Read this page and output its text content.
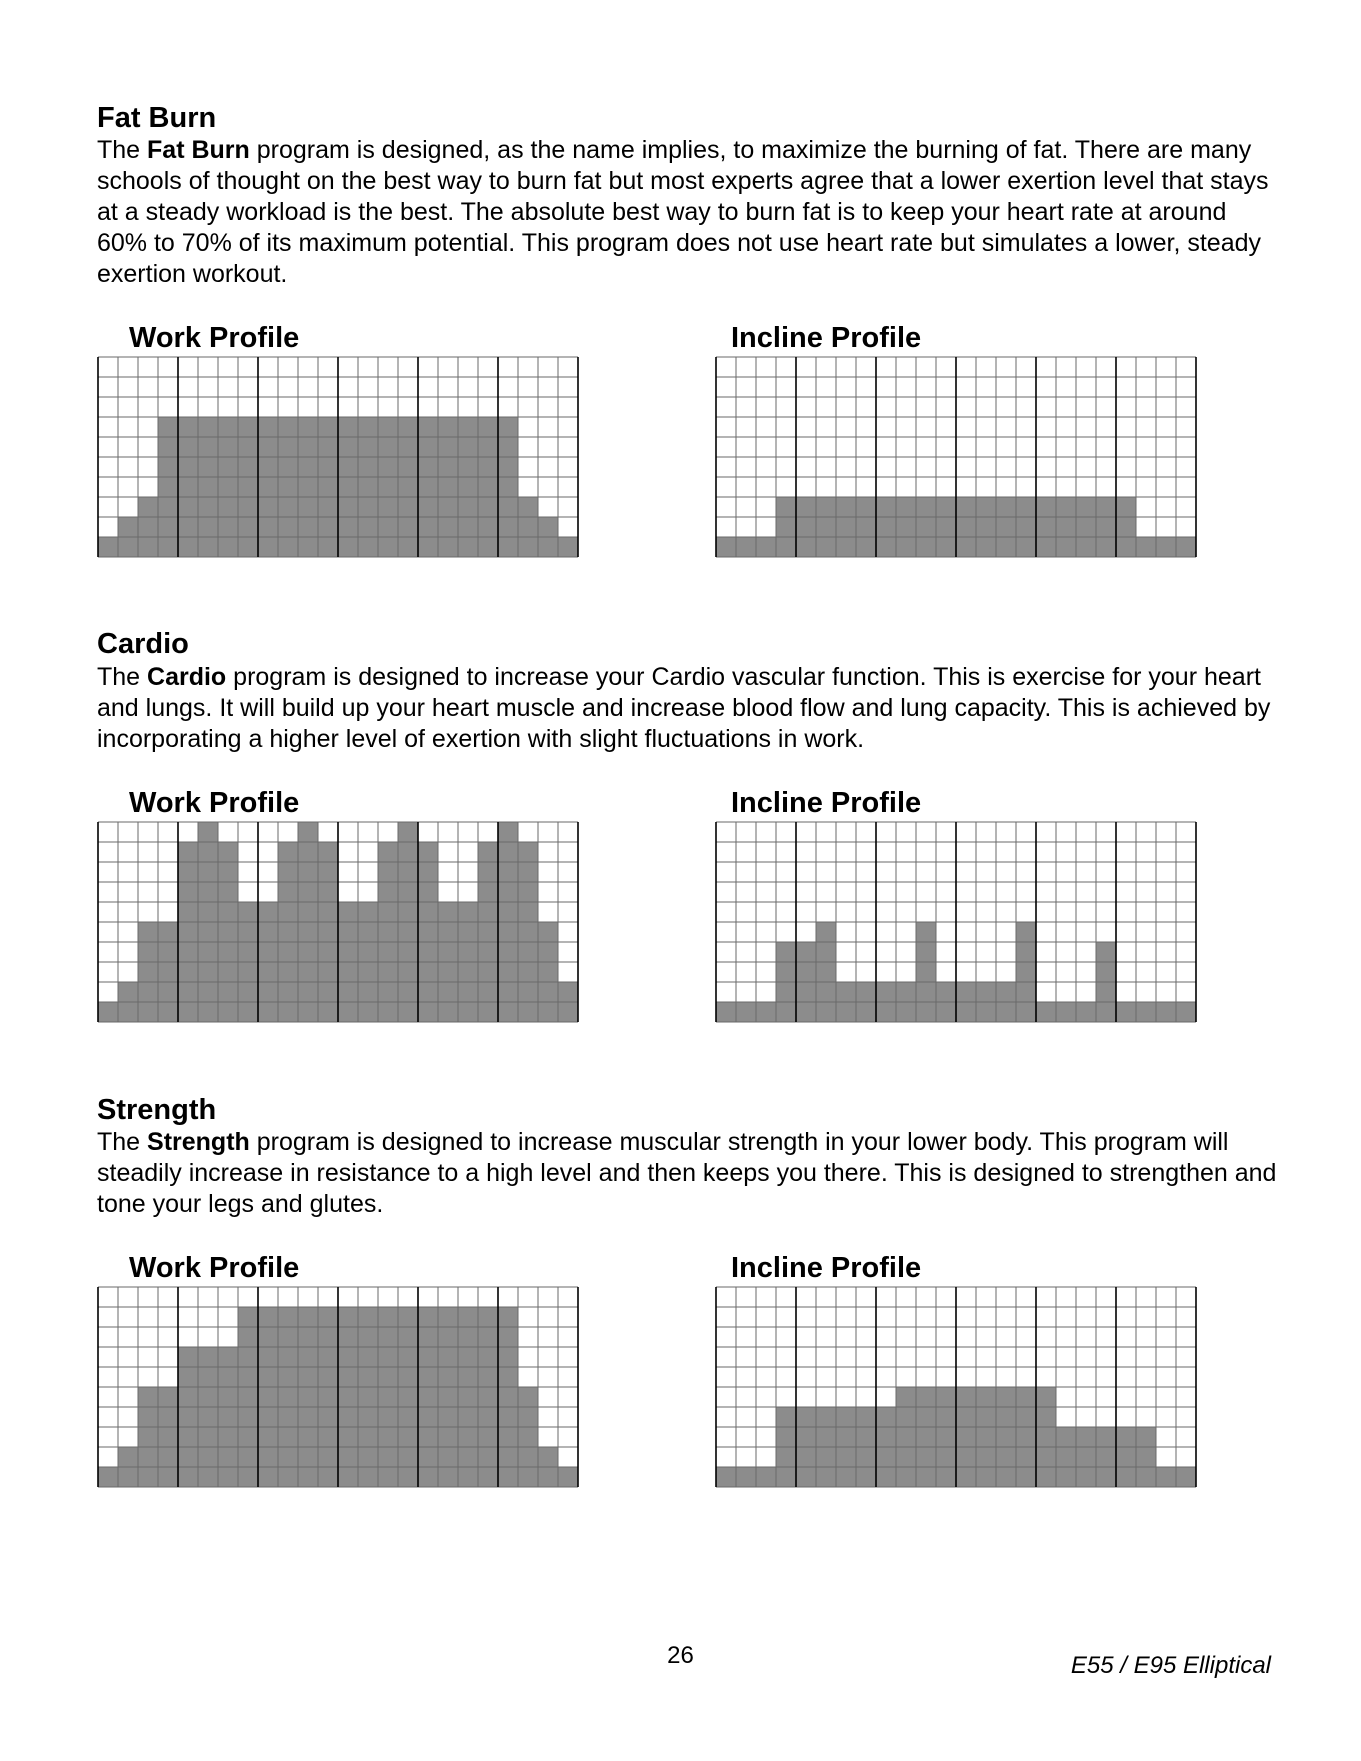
Fat Burn

The Fat Burn program is designed, as the name implies, to maximize the burning of fat. There are many schools of thought on the best way to burn fat but most experts agree that a lower exertion level that stays at a steady workload is the best. The absolute best way to burn fat is to keep your heart rate at around 60% to 70% of its maximum potential. This program does not use heart rate but simulates a lower, steady exertion workout.

Work Profile	Incline Profile
Cardio

The Cardio program is designed to increase your Cardio vascular function. This is exercise for your heart and lungs. It will build up your heart muscle and increase blood flow and lung capacity. This is achieved by incorporating a higher level of exertion with slight fluctuations in work.

Work Profile	Incline Profile
Strength

The Strength program is designed to increase muscular strength in your lower body. This program will steadily increase in resistance to a high level and then keeps you there. This is designed to strengthen and tone your legs and glutes.

Work Profile	Incline Profile
26	E55 / E95 Elliptical
